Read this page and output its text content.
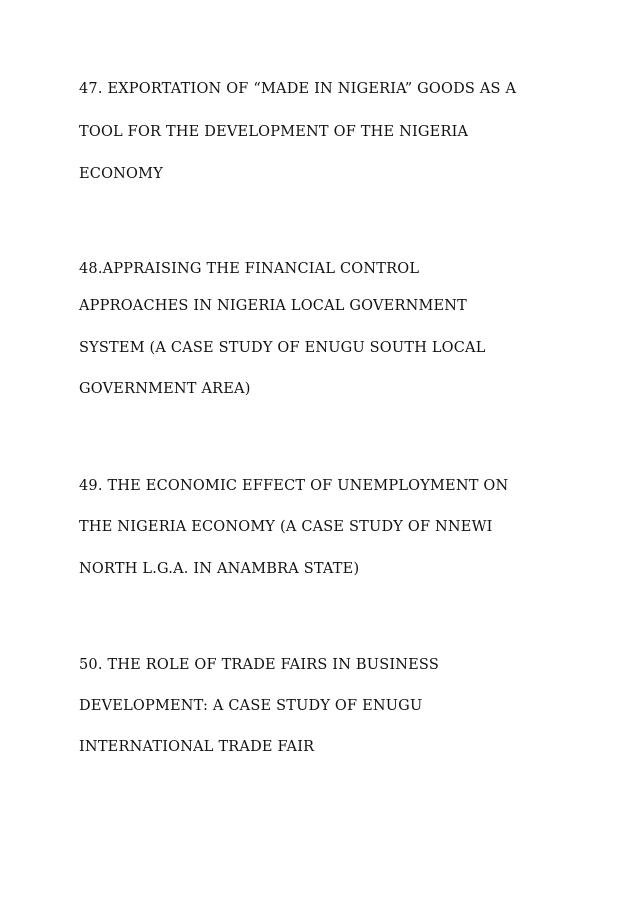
47. EXPORTATION OF “MADE IN NIGERIA” GOODS AS A
TOOL FOR THE DEVELOPMENT OF THE NIGERIA
ECONOMY
48.APPRAISING THE FINANCIAL CONTROL
APPROACHES IN NIGERIA LOCAL GOVERNMENT
SYSTEM (A CASE STUDY OF ENUGU SOUTH LOCAL
GOVERNMENT AREA)
49. THE ECONOMIC EFFECT OF UNEMPLOYMENT ON
THE NIGERIA ECONOMY (A CASE STUDY OF NNEWI
NORTH L.G.A. IN ANAMBRA STATE)
50. THE ROLE OF TRADE FAIRS IN BUSINESS
DEVELOPMENT: A CASE STUDY OF ENUGU
INTERNATIONAL TRADE FAIR
